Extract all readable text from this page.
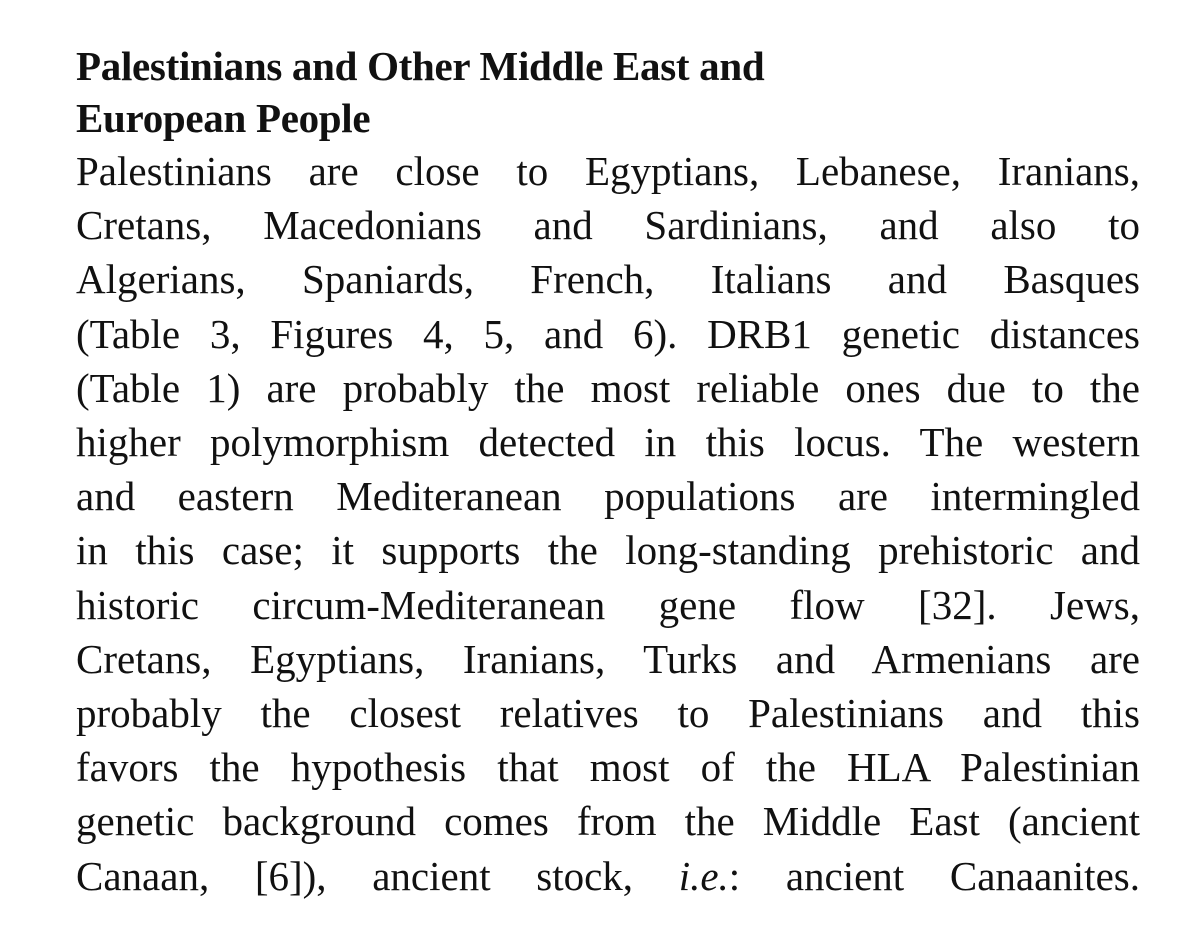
Palestinians and Other Middle East and
European People

Palestinians are close to Egyptians, Lebanese, Iranians,
Cretans, Macedonians and Sardinians, and also to
Algerians, Spaniards, French, Italians and Basques
(Table 3, Figures 4, 5, and 6). DRB1 genetic distances
(Table 1) are probably the most reliable ones due to the
higher polymorphism detected in this locus. The western
and eastern Mediteranean populations are intermingled
in this case; it supports the long-standing prehistoric and
historic circum-Mediteranean gene flow [32]. Jews,
Cretans, Egyptians, Iranians, Turks and Armenians are
probably the closest relatives to Palestinians and this
favors the hypothesis that most of the HLA Palestinian
genetic background comes from the Middle East (ancient
Canaan, [6]), ancient stock, i.e.: ancient Canaanites.
